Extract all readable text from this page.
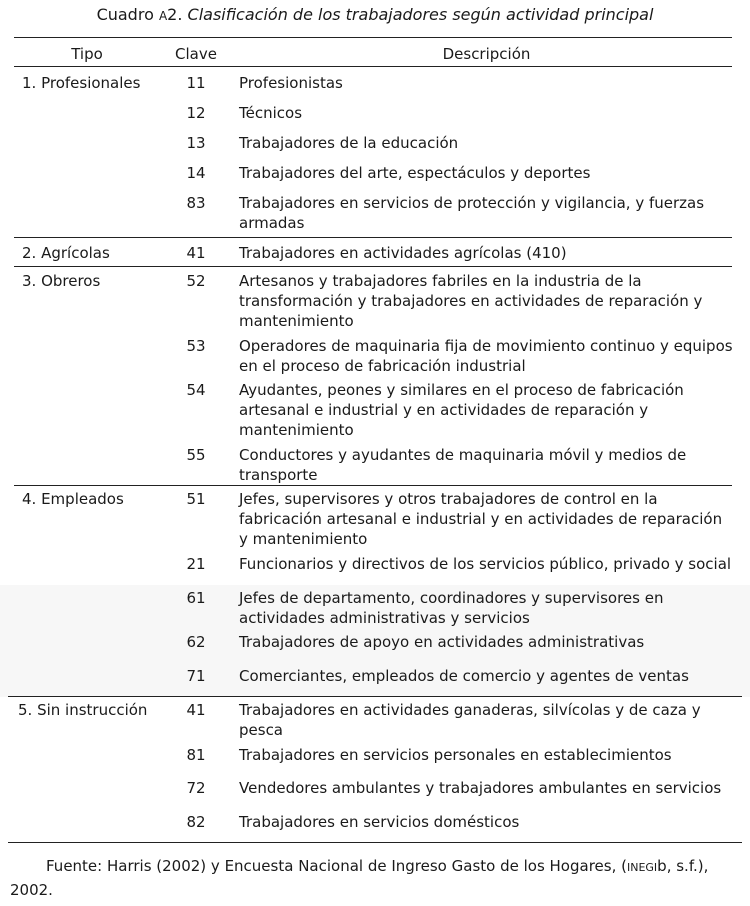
Cuadro A2. Clasificación de los trabajadores según actividad principal
Tipo	Clave	Descripción
1. Profesionales	11	Profesionistas
12	Técnicos
13	Trabajadores de la educación
14	Trabajadores del arte, espectáculos y deportes
83	Trabajadores en servicios de protección y vigilancia, y fuerzas armadas
2. Agrícolas	41	Trabajadores en actividades agrícolas (410)
3. Obreros	52	Artesanos y trabajadores fabriles en la industria de la transformación y trabajadores en actividades de reparación y mantenimiento
53	Operadores de maquinaria fija de movimiento continuo y equipos en el proceso de fabricación industrial
54	Ayudantes, peones y similares en el proceso de fabricación artesanal e industrial y en actividades de reparación y mantenimiento
55	Conductores y ayudantes de maquinaria móvil y medios de transporte
4. Empleados	51	Jefes, supervisores y otros trabajadores de control en la fabricación artesanal e industrial y en actividades de reparación y mantenimiento
21	Funcionarios y directivos de los servicios público, privado y social
61	Jefes de departamento, coordinadores y supervisores en actividades administrativas y servicios
62	Trabajadores de apoyo en actividades administrativas
71	Comerciantes, empleados de comercio y agentes de ventas
5. Sin instrucción	41	Trabajadores en actividades ganaderas, silvícolas y de caza y pesca
81	Trabajadores en servicios personales en establecimientos
72	Vendedores ambulantes y trabajadores ambulantes en servicios
82	Trabajadores en servicios domésticos
Fuente: Harris (2002) y Encuesta Nacional de Ingreso Gasto de los Hogares, (INEGIb, s.f.), 2002.
